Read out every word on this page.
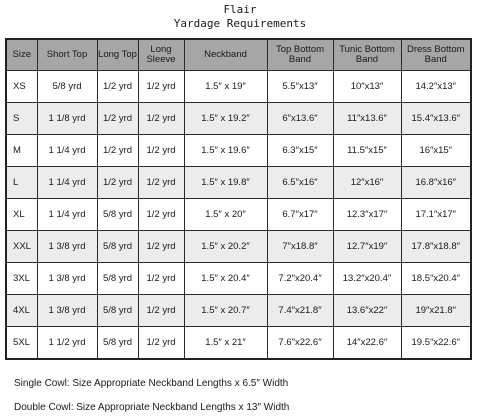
Flair
Yardage Requirements
Size	Short Top	Long Top	Long Sleeve	Neckband	Top Bottom Band	Tunic Bottom Band	Dress Bottom Band
XS	5/8 yrd	1/2 yrd	1/2 yrd	1.5″ x 19″	5.5″x13″	10″x13″	14.2″x13″
S	1 1/8 yrd	1/2 yrd	1/2 yrd	1.5″ x 19.2″	6″x13.6″	11″x13.6″	15.4″x13.6″
M	1 1/4 yrd	1/2 yrd	1/2 yrd	1.5″ x 19.6″	6.3″x15″	11.5″x15″	16″x15″
L	1 1/4 yrd	1/2 yrd	1/2 yrd	1.5″ x 19.8″	6.5″x16″	12″x16″	16.8″x16″
XL	1 1/4 yrd	5/8 yrd	1/2 yrd	1.5″ x 20″	6.7″x17″	12.3″x17″	17.1″x17″
XXL	1 3/8 yrd	5/8 yrd	1/2 yrd	1.5″ x 20.2″	7″x18.8″	12.7″x19″	17.8″x18.8″
3XL	1 3/8 yrd	5/8 yrd	1/2 yrd	1.5″ x 20.4″	7.2″x20.4″	13.2″x20.4″	18.5″x20.4″
4XL	1 3/8 yrd	5/8 yrd	1/2 yrd	1.5″ x 20.7″	7.4″x21.8″	13.6″x22″	19″x21.8″
5XL	1 1/2 yrd	5/8 yrd	1/2 yrd	1.5″ x 21″	7.6″x22.6″	14″x22.6″	19.5″x22.6″
Single Cowl: Size Appropriate Neckband Lengths x 6.5″ Width
Double Cowl: Size Appropriate Neckband Lengths x 13″ Width
